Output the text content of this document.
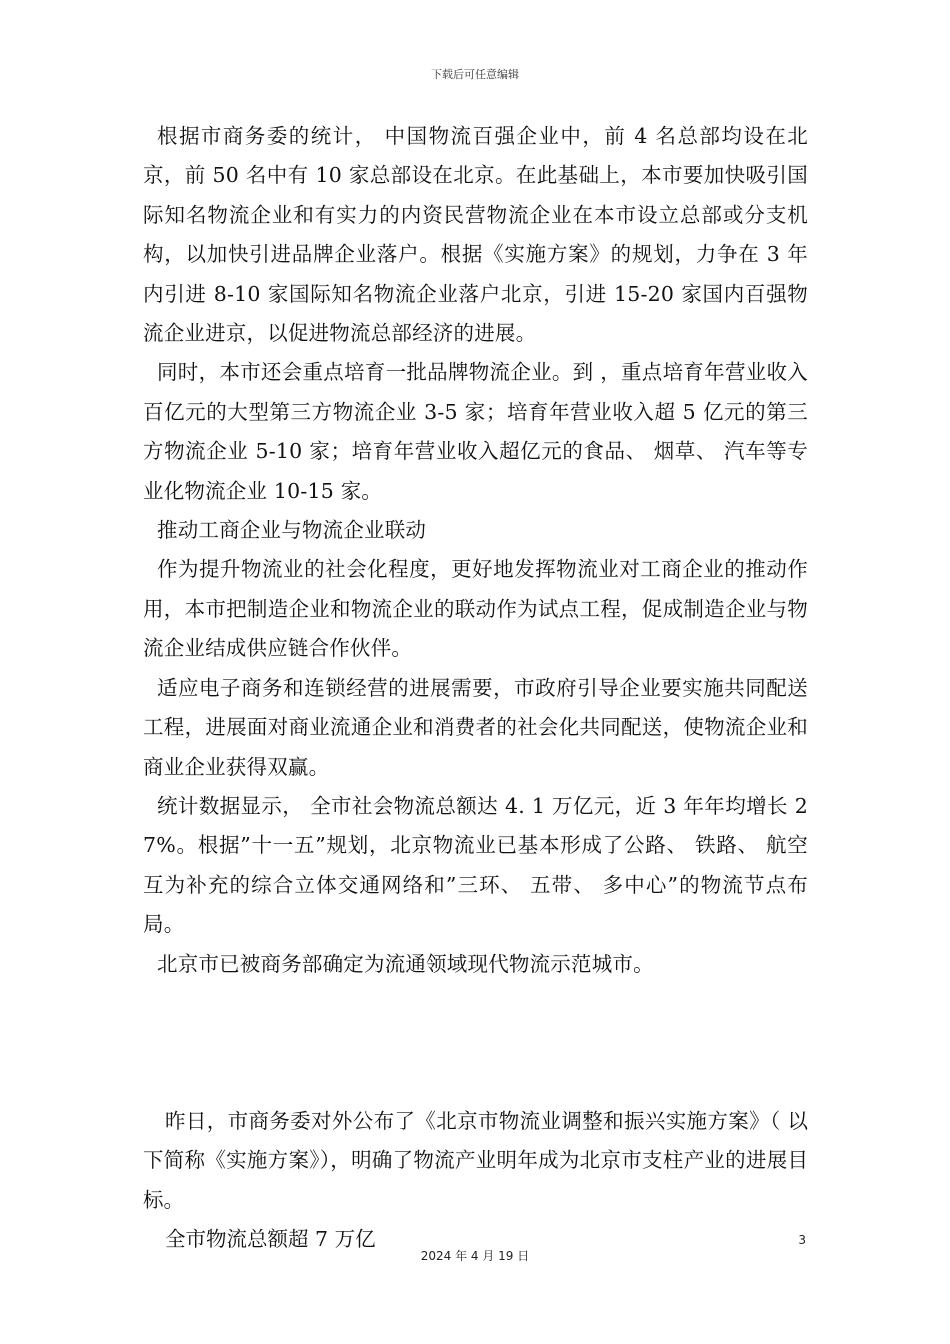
下载后可任意编辑

根据市商务委的统计， 中国物流百强企业中，前 4 名总部均设在北京，前 50 名中有 10 家总部设在北京。在此基础上，本市要加快吸引国际知名物流企业和有实力的内资民营物流企业在本市设立总部或分支机构，以加快引进品牌企业落户。根据《实施方案》的规划，力争在 3 年内引进 8-10 家国际知名物流企业落户北京，引进 15-20 家国内百强物流企业进京，以促进物流总部经济的进展。

同时，本市还会重点培育一批品牌物流企业。到 ，重点培育年营业收入百亿元的大型第三方物流企业 3-5 家；培育年营业收入超 5 亿元的第三方物流企业 5-10 家；培育年营业收入超亿元的食品、 烟草、 汽车等专业化物流企业 10-15 家。

推动工商企业与物流企业联动

作为提升物流业的社会化程度，更好地发挥物流业对工商企业的推动作用，本市把制造企业和物流企业的联动作为试点工程，促成制造企业与物流企业结成供应链合作伙伴。

适应电子商务和连锁经营的进展需要，市政府引导企业要实施共同配送工程，进展面对商业流通企业和消费者的社会化共同配送，使物流企业和商业企业获得双赢。

统计数据显示， 全市社会物流总额达 4. 1 万亿元，近 3 年年均增长 27%。根据”十一五”规划，北京物流业已基本形成了公路、 铁路、 航空互为补充的综合立体交通网络和”三环、 五带、 多中心”的物流节点布局。

北京市已被商务部确定为流通领域现代物流示范城市。

昨日，市商务委对外公布了《北京市物流业调整和振兴实施方案》（ 以下简称《实施方案》），明确了物流产业明年成为北京市支柱产业的进展目标。

全市物流总额超 7 万亿	3
2024 年 4 月 19 日
